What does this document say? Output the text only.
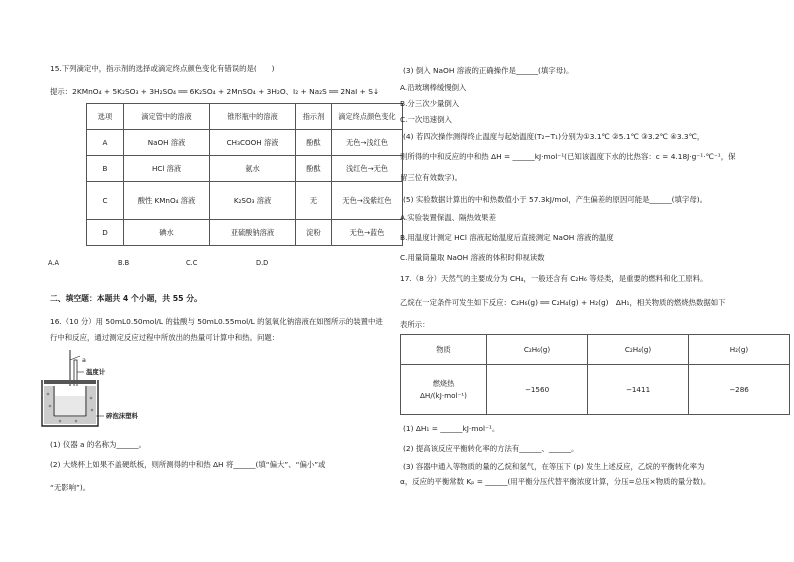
15.下列滴定中，指示剂的选择或滴定终点颜色变化有错误的是(　　)
提示：2KMnO₄ + 5K₂SO₃ + 3H₂SO₄ ══ 6K₂SO₄ + 2MnSO₄ + 3H₂O、I₂ + Na₂S ══ 2NaI + S↓
选项	滴定管中的溶液	锥形瓶中的溶液	指示剂	滴定终点颜色变化
A	NaOH 溶液	CH₃COOH 溶液	酚酞	无色→浅红色
B	HCl 溶液	氨水	酚酞	浅红色→无色
C	酸性 KMnO₄ 溶液	K₂SO₃ 溶液	无	无色→浅紫红色
D	碘水	亚硫酸钠溶液	淀粉	无色→蓝色
A.A	B.B	C.C	D.D
二、填空题：本题共 4 个小题，共 55 分。
16.（10 分）用 50mL0.50mol/L 的盐酸与 50mL0.55mol/L 的氢氧化钠溶液在如图所示的装置中进
行中和反应，通过测定反应过程中所放出的热量可计算中和热。问题：
a
温度计
碎泡沫塑料
(1) 仪器 a 的名称为______。
(2) 大烧杯上如果不盖硬纸板，则所测得的中和热 ΔH 将______(填“偏大”、“偏小”或
“无影响”)。
(3) 倒入 NaOH 溶液的正确操作是______(填字母)。
A.沿玻璃棒缓慢倒入
B.分三次少量倒入
C.一次迅速倒入
(4) 若四次操作测得终止温度与起始温度(T₂−T₁)分别为①3.1℃ ②5.1℃ ③3.2℃ ④3.3℃，
则所得的中和反应的中和热 ΔH = ______kJ·mol⁻¹(已知该温度下水的比热容：c = 4.18J·g⁻¹·℃⁻¹，保
留三位有效数字)。
(5) 实验数据计算出的中和热数值小于 57.3kJ/mol，产生偏差的原因可能是______(填字母)。
A.实验装置保温、隔热效果差
B.用温度计测定 HCl 溶液起始温度后直接测定 NaOH 溶液的温度
C.用量筒量取 NaOH 溶液的体积时仰视读数
17.（8 分）天然气的主要成分为 CH₄，一般还含有 C₂H₆ 等烃类，是重要的燃料和化工原料。
乙烷在一定条件可发生如下反应：C₂H₆(g) ══ C₂H₄(g) + H₂(g)　ΔH₁，相关物质的燃烧热数据如下
表所示：
物质	C₂H₆(g)	C₂H₄(g)	H₂(g)

燃烧热
ΔH/(kJ·mol⁻¹)	−1560	−1411	−286
(1) ΔH₁ = ______kJ·mol⁻¹。
(2) 提高该反应平衡转化率的方法有______、______。
(3) 容器中通入等物质的量的乙烷和氢气，在等压下 (p) 发生上述反应，乙烷的平衡转化率为
α，反应的平衡常数 Kₚ = ______(用平衡分压代替平衡浓度计算，分压=总压×物质的量分数)。
